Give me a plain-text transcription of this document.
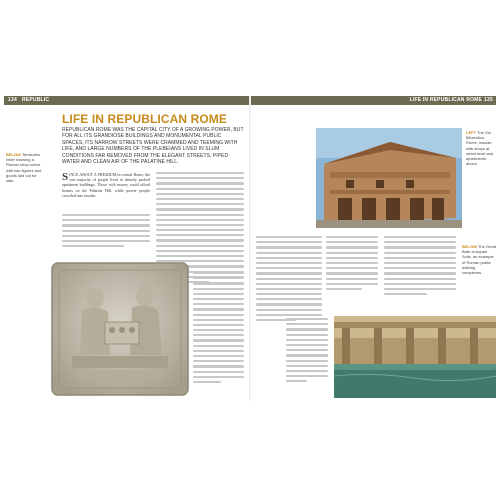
134 REPUBLIC	LIFE IN REPUBLICAN ROME 135
BELOW Terracotta relief showing a Roman shop scene with two figures and goods laid out for sale.
LIFE IN REPUBLICAN ROME
REPUBLICAN ROME WAS THE CAPITAL CITY OF A GROWING POWER, BUT FOR ALL ITS GRANDIOSE BUILDINGS AND MONUMENTAL PUBLIC SPACES, ITS NARROW STREETS WERE CRAMMED AND TEEMING WITH LIFE, AND LARGE NUMBERS OF THE PLEBEIANS LIVED IN SLUM CONDITIONS FAR REMOVED FROM THE ELEGANT STREETS, PIPED WATER AND CLEAN AIR OF THE PALATINE HILL.
S INCE ABOUT A PREMIUM in central Rome, the vast majority of people lived in densely packed apartment buildings. Those with money could afford houses on the Palatine Hill, while poorer people crowded into insulae.
LEFT The Via Biberatica, Rome; insulae with shops at street level and apartments above.
BELOW The Great Bath at Aquae Sulis, an example of Roman public bathing complexes.
